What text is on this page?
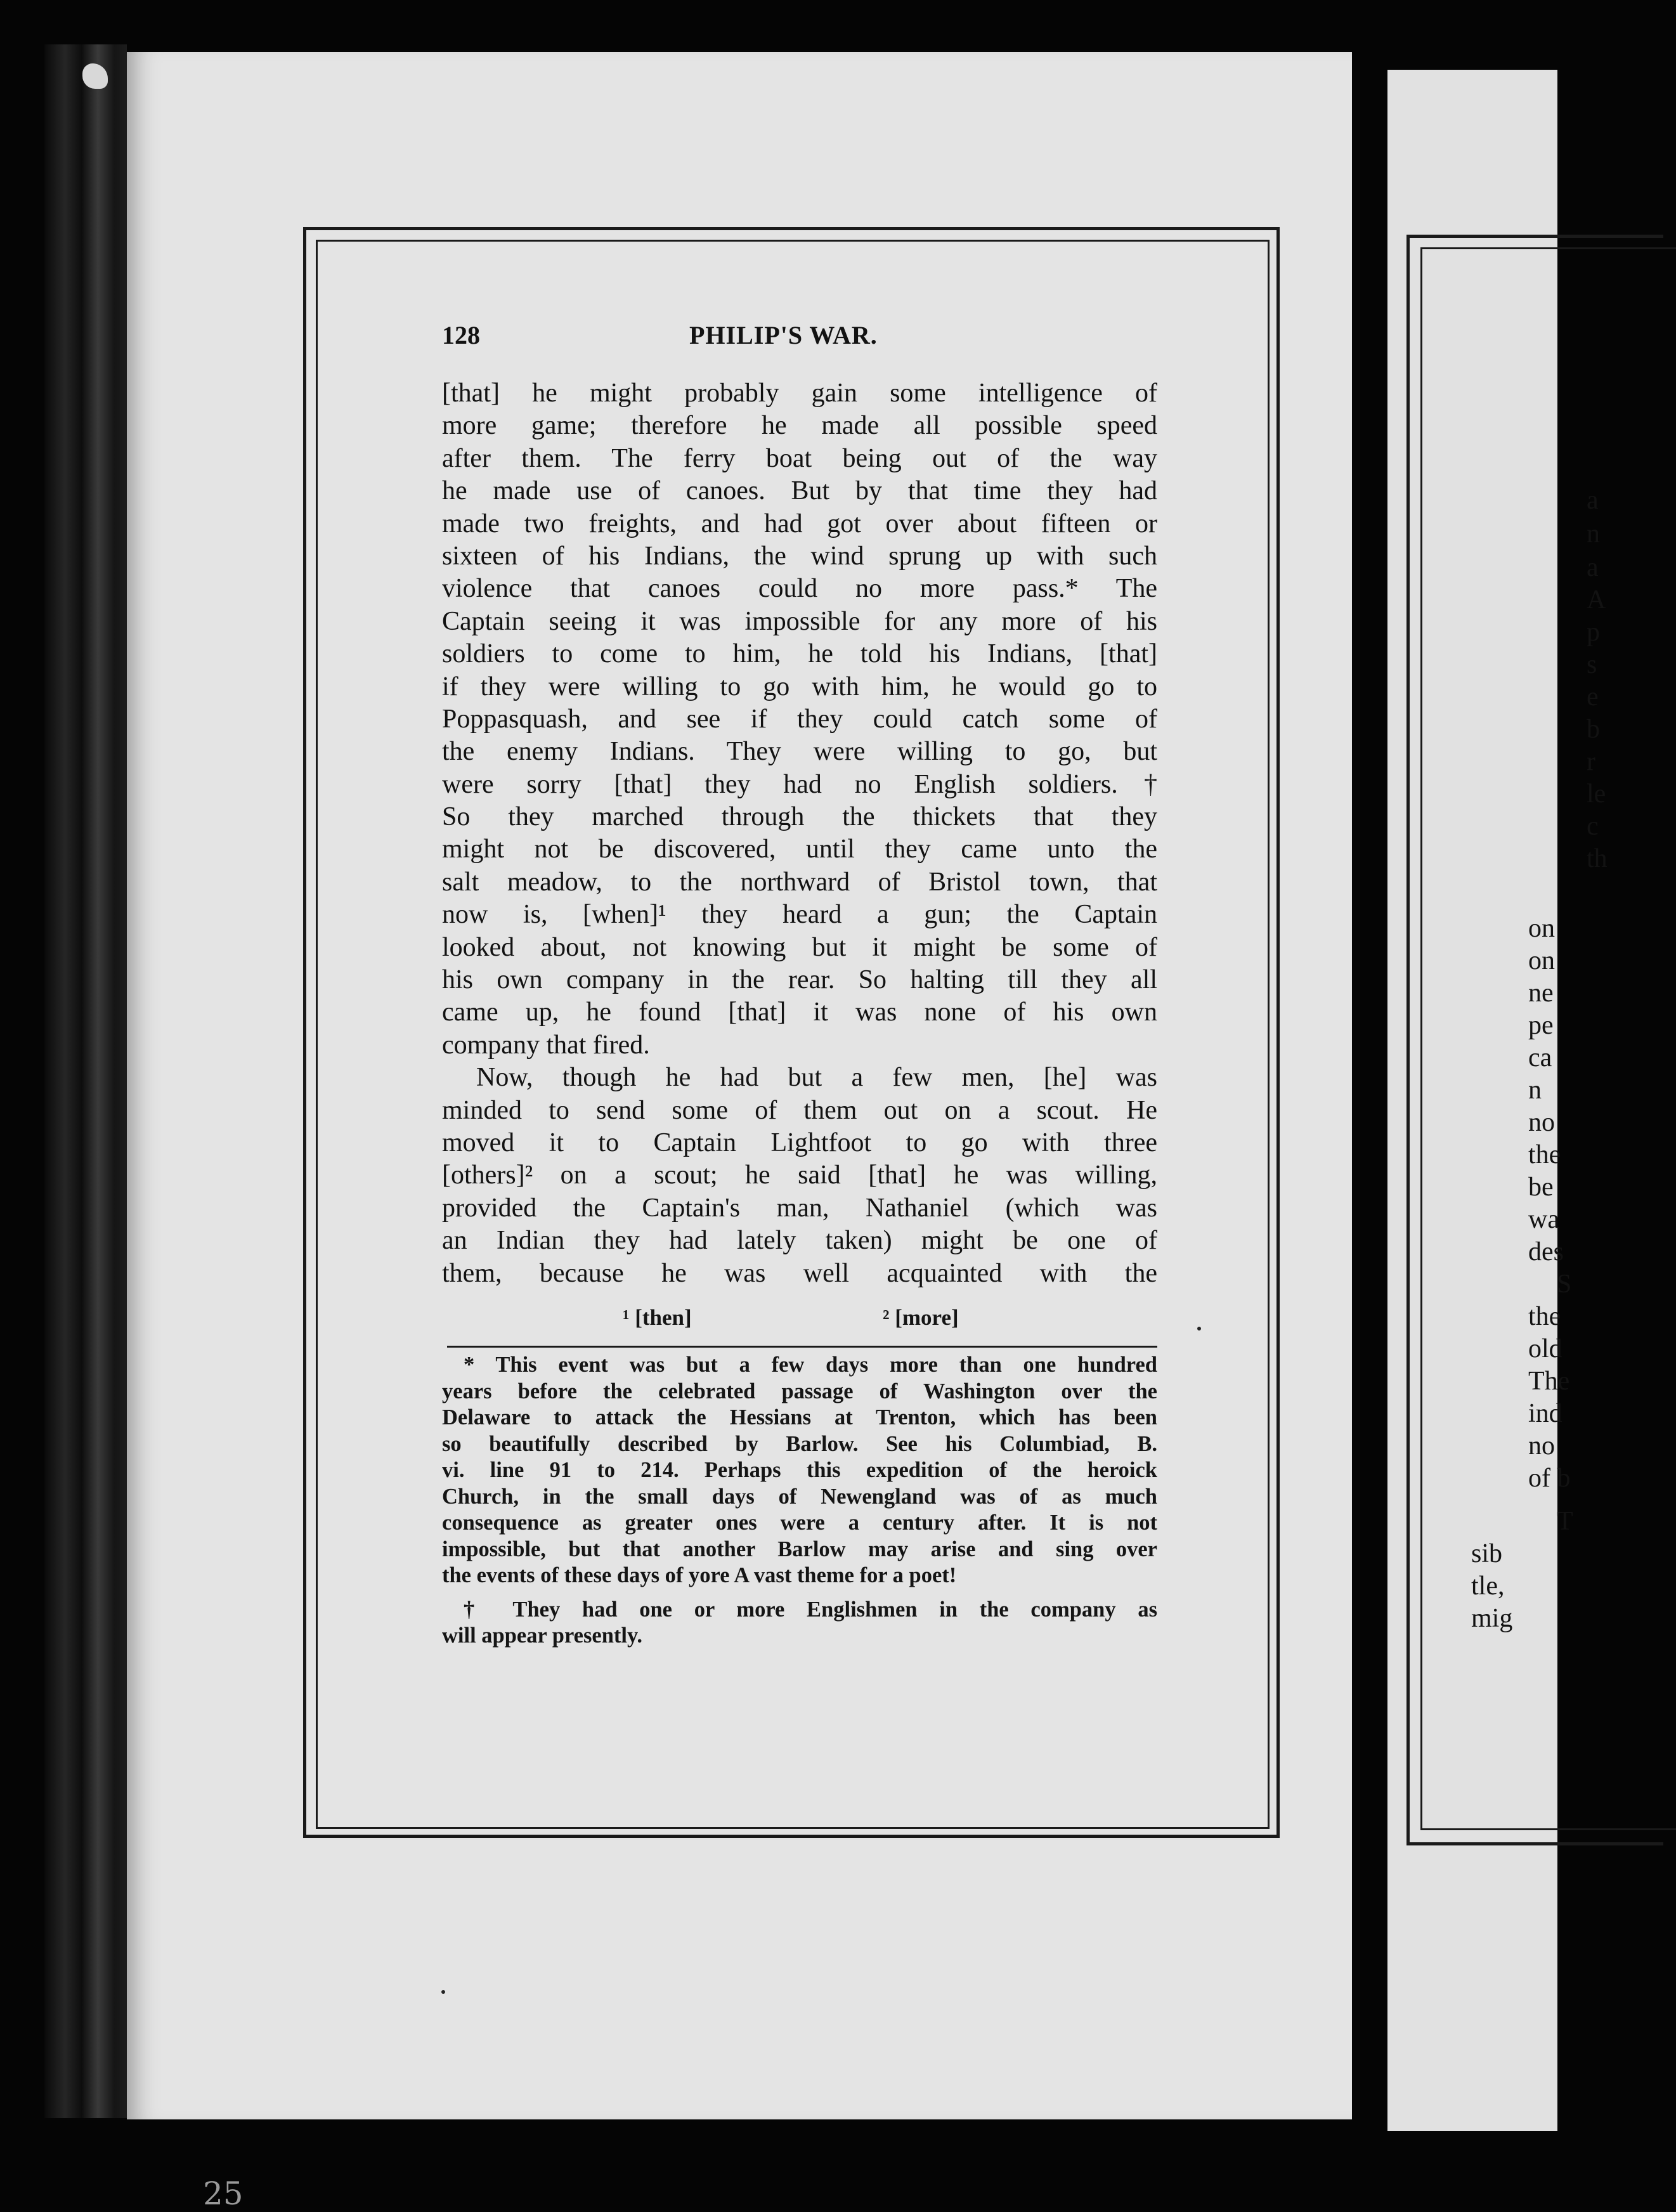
128	PHILIP'S WAR.
[that] he might probably gain some intelligence of
more game; therefore he made all possible speed
after them. The ferry boat being out of the way
he made use of canoes. But by that time they had
made two freights, and had got over about fifteen or
sixteen of his Indians, the wind sprung up with such
violence that canoes could no more pass.* The
Captain seeing it was impossible for any more of his
soldiers to come to him, he told his Indians, [that]
if they were willing to go with him, he would go to
Poppasquash, and see if they could catch some of
the enemy Indians. They were willing to go, but
were sorry [that] they had no English soldiers.†
So they marched through the thickets that they
might not be discovered, until they came unto the
salt meadow, to the northward of Bristol town, that
now is, [when]¹ they heard a gun; the Captain
looked about, not knowing but it might be some of
his own company in the rear. So halting till they all
came up, he found [that] it was none of his own
company that fired.
Now, though he had but a few men, [he] was
minded to send some of them out on a scout. He
moved it to Captain Lightfoot to go with three
[others]² on a scout; he said [that] he was willing,
provided the Captain's man, Nathaniel (which was
an Indian they had lately taken) might be one of
them, because he was well acquainted with the
¹ [then]	² [more]
* This event was but a few days more than one hundred
years before the celebrated passage of Washington over the
Delaware to attack the Hessians at Trenton, which has been
so beautifully described by Barlow. See his Columbiad, B.
vi. line 91 to 214. Perhaps this expedition of the heroick
Church, in the small days of Newengland was of as much
consequence as greater ones were a century after. It is not
impossible, but that another Barlow may arise and sing over
the events of these days of yore A vast theme for a poet!
† They had one or more Englishmen in the company as
will appear presently.
a
n
a
A
p
s
e
b
r
le
c
th
on
on
ne
pe
ca
n
no
the
be
wa
des
S
the
old
The
ind
no
of b
T
sib
tle,
mig
25
